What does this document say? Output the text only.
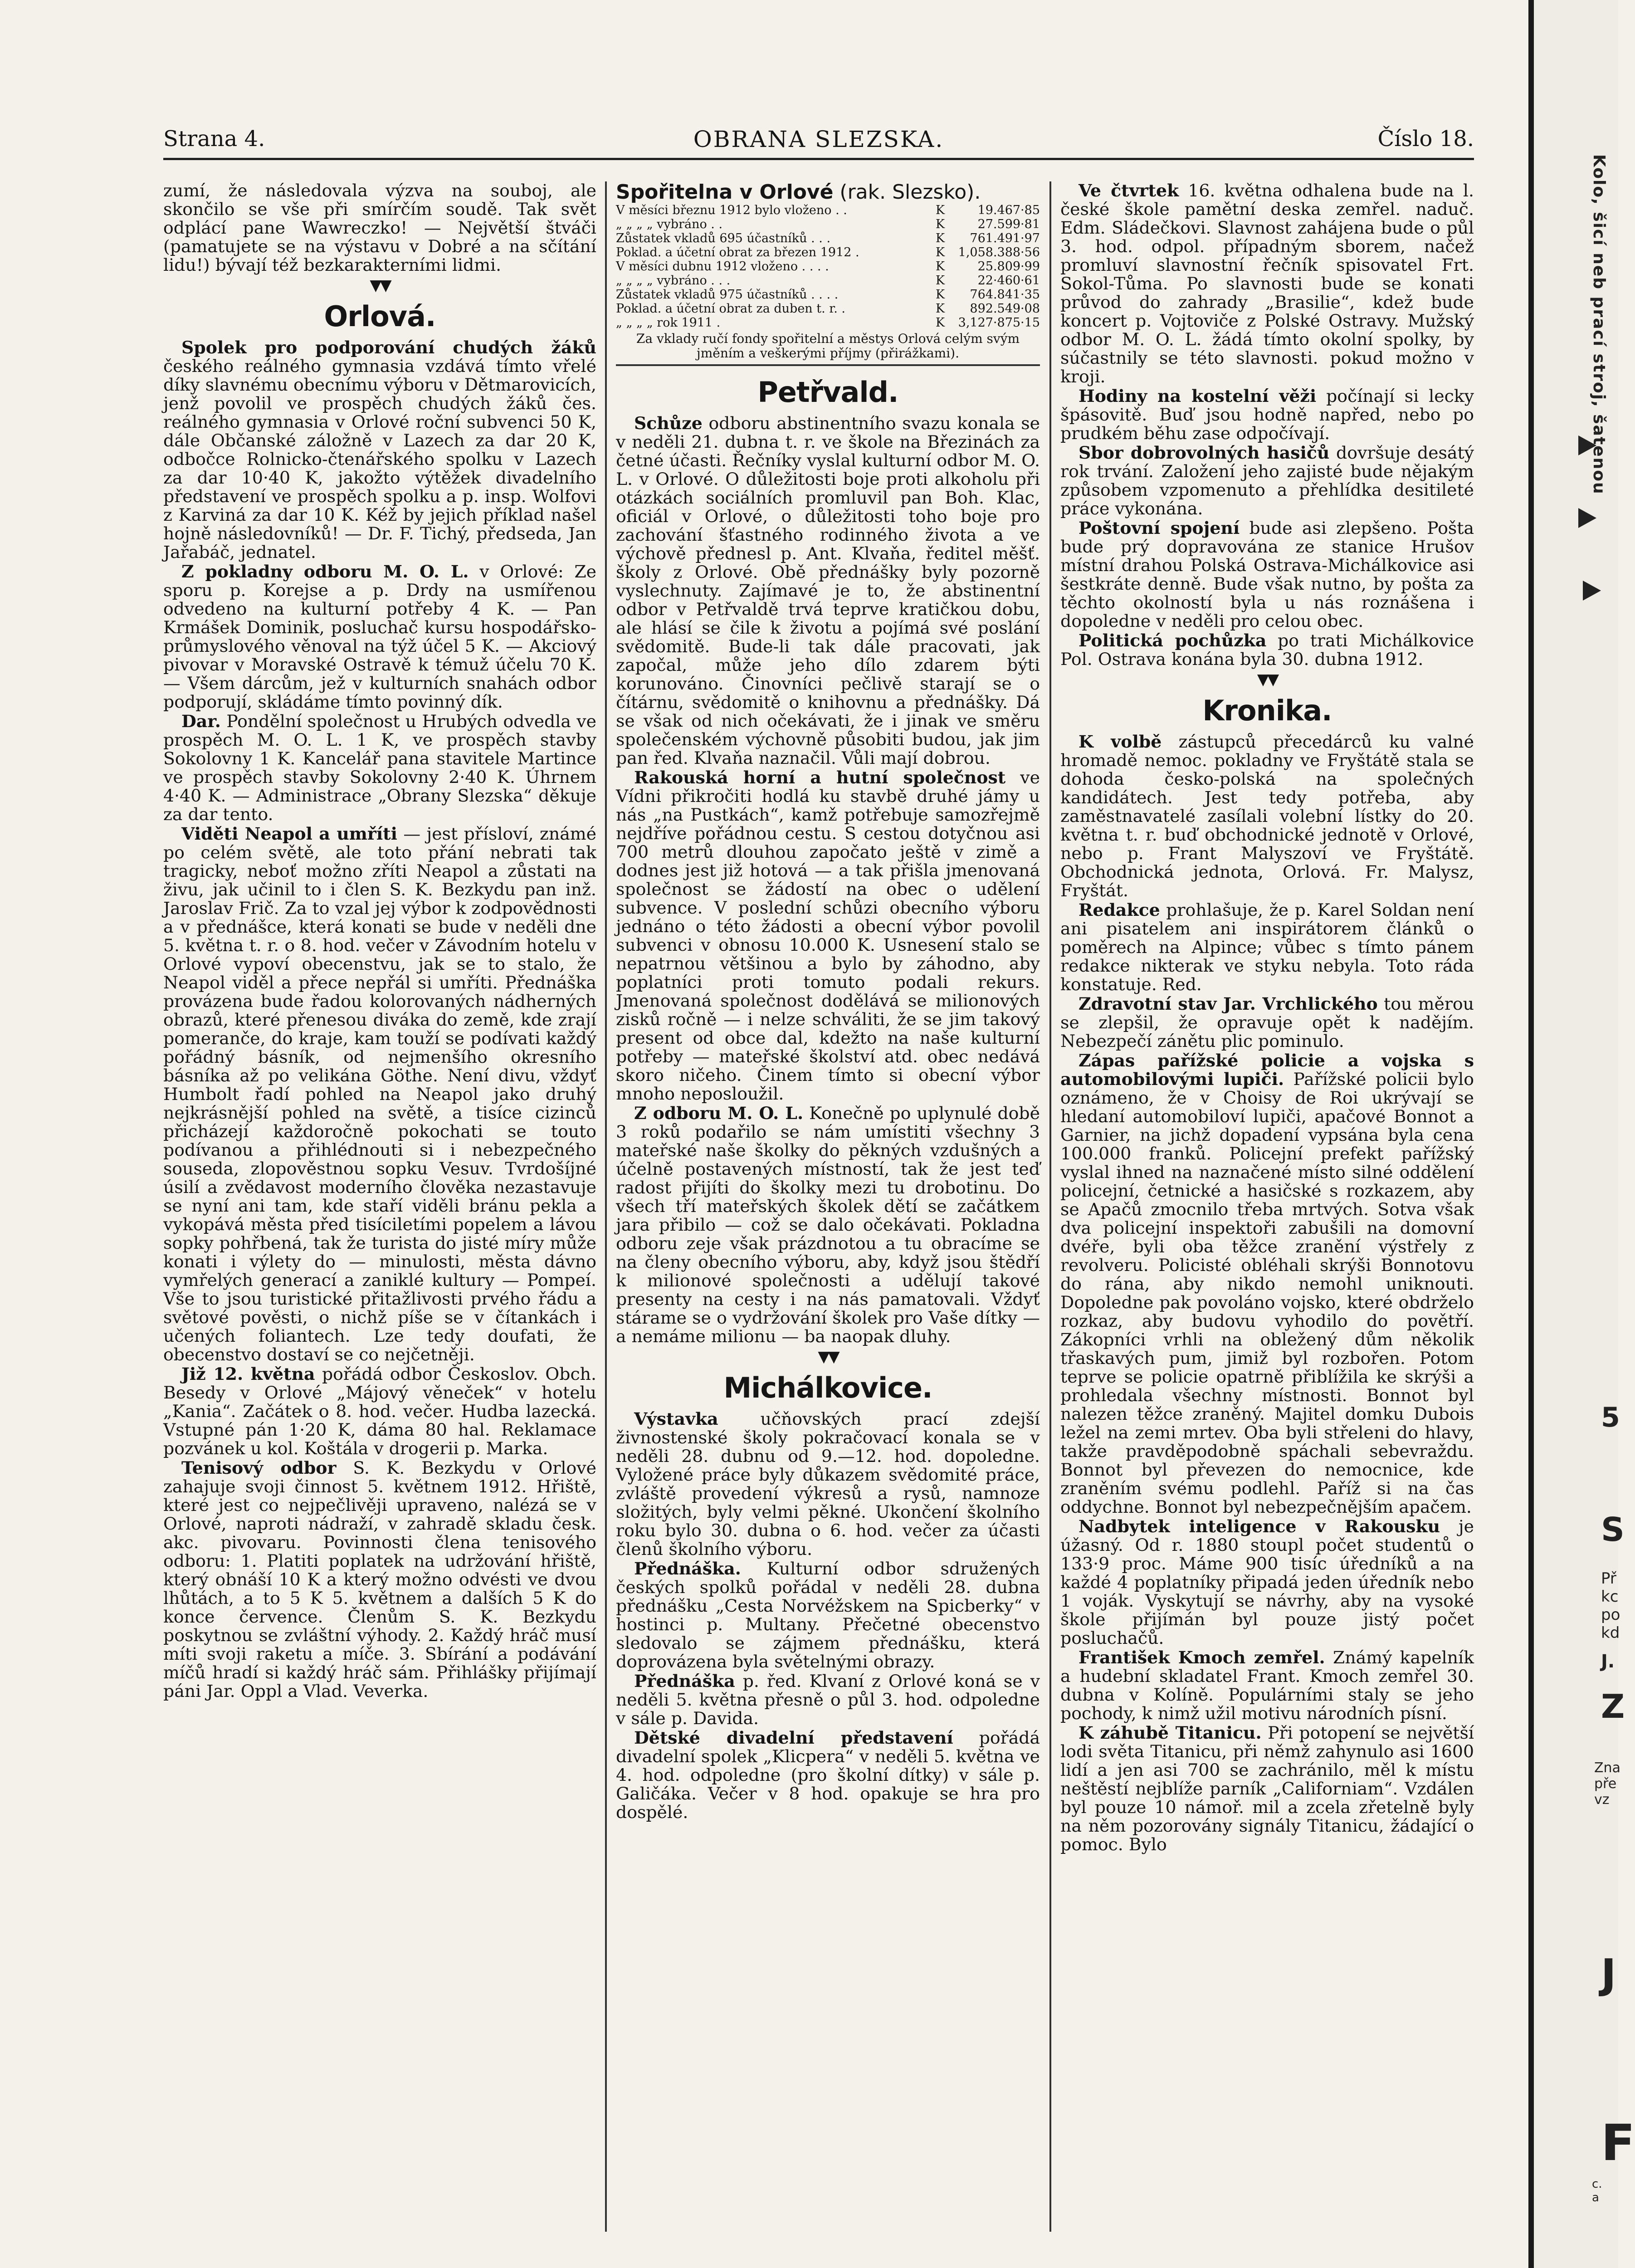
Kolo, šicí neb prací stroj, šatenou
5
S
Př
kc
po
kd
J.
Z
Zna
pře
vz
J
F
c. a
Strana 4.	OBRANA SLEZSKA.	Číslo 18.

zumí, že následovala výzva na souboj, ale skončilo se vše při smírčím soudě. Tak svět odplácí pane Wawreczko! — Největší štváči (pamatujete se na výstavu v Dobré a na sčítání lidu!) bývají též bezkarakterními lidmi.

▼▼
Orlová.

Spolek pro podporování chudých žáků českého reálného gymnasia vzdává tímto vřelé díky slavnému obecnímu výboru v Dětmarovicích, jenž povolil ve prospěch chudých žáků čes. reálného gymnasia v Orlové roční subvenci 50 K, dále Občanské záložně v Lazech za dar 20 K, odbočce Rolnicko-čtenářského spolku v Lazech za dar 10·40 K, jakožto výtěžek divadelního představení ve prospěch spolku a p. insp. Wolfovi z Karviná za dar 10 K. Kéž by jejich příklad našel hojně následovníků! — Dr. F. Tichý, předseda, Jan Jařabáč, jednatel.

Z pokladny odboru M. O. L. v Orlové: Ze sporu p. Korejse a p. Drdy na usmířenou odvedeno na kulturní potřeby 4 K. — Pan Krmášek Dominik, posluchač kursu hospodářsko-průmyslového věnoval na týž účel 5 K. — Akciový pivovar v Moravské Ostravě k témuž účelu 70 K. — Všem dárcům, jež v kulturních snahách odbor podporují, skládáme tímto povinný dík.

Dar. Pondělní společnost u Hrubých odvedla ve prospěch M. O. L. 1 K, ve prospěch stavby Sokolovny 1 K. Kancelář pana stavitele Martince ve prospěch stavby Sokolovny 2·40 K. Úhrnem 4·40 K. — Administrace „Obrany Slezska“ děkuje za dar tento.

Viděti Neapol a umříti — jest přísloví, známé po celém světě, ale toto přání nebrati tak tragicky, neboť možno zříti Neapol a zůstati na živu, jak učinil to i člen S. K. Bezkydu pan inž. Jaroslav Frič. Za to vzal jej výbor k zodpovědnosti a v přednášce, která konati se bude v neděli dne 5. května t. r. o 8. hod. večer v Závodním hotelu v Orlové vypoví obecenstvu, jak se to stalo, že Neapol viděl a přece nepřál si umříti. Přednáška provázena bude řadou kolorovaných nádherných obrazů, které přenesou diváka do země, kde zrají pomeranče, do kraje, kam touží se podívati každý pořádný básník, od nejmenšího okresního básníka až po velikána Göthe. Není divu, vždyť Humbolt řadí pohled na Neapol jako druhý nejkrásnější pohled na světě, a tisíce cizinců přicházejí každoročně pokochati se touto podívanou a přihlédnouti si i nebezpečného souseda, zlopověstnou sopku Vesuv. Tvrdošíjné úsilí a zvědavost moderního člověka nezastavuje se nyní ani tam, kde staří viděli bránu pekla a vykopává města před tisíciletími popelem a lávou sopky pohřbená, tak že turista do jisté míry může konati i výlety do — minulosti, města dávno vymřelých generací a zaniklé kultury — Pompeí. Vše to jsou turistické přitažlivosti prvého řádu a světové pověsti, o nichž píše se v čítankách i učených foliantech. Lze tedy doufati, že obecenstvo dostaví se co nejčetněji.

Již 12. května pořádá odbor Českoslov. Obch. Besedy v Orlové „Májový věneček“ v hotelu „Kania“. Začátek o 8. hod. večer. Hudba lazecká. Vstupné pán 1·20 K, dáma 80 hal. Reklamace pozvánek u kol. Koštála v drogerii p. Marka.

Tenisový odbor S. K. Bezkydu v Orlové zahajuje svoji činnost 5. květnem 1912. Hřiště, které jest co nejpečlivěji upraveno, nalézá se v Orlové, naproti nádraží, v zahradě skladu česk. akc. pivovaru. Povinnosti člena tenisového odboru: 1. Platiti poplatek na udržování hřiště, který obnáší 10 K a který možno odvésti ve dvou lhůtách, a to 5 K 5. květnem a dalších 5 K do konce července. Členům S. K. Bezkydu poskytnou se zvláštní výhody. 2. Každý hráč musí míti svoji raketu a míče. 3. Sbírání a podávání míčů hradí si každý hráč sám. Přihlášky přijímají páni Jar. Oppl a Vlad. Veverka.

Spořitelna v Orlové (rak. Slezsko).
V měsíci březnu 1912 bylo vloženo . .	K	19.467·85
„ „ „ „ vybráno . .	K	27.599·81
Zůstatek vkladů 695 účastníků . . .	K	761.491·97
Poklad. a účetní obrat za březen 1912 .	K	1,058.388·56
V měsíci dubnu 1912 vloženo . . . .	K	25.809·99
„ „ „ „ vybráno . . .	K	22·460·61
Zůstatek vkladů 975 účastníků . . . .	K	764.841·35
Poklad. a účetní obrat za duben t. r. .	K	892.549·08
„ „ „ „ rok 1911 .	K	3,127·875·15
Za vklady ručí fondy spořitelní a městys Orlová celým svým jměním a veškerými příjmy (přirážkami).
Petřvald.

Schůze odboru abstinentního svazu konala se v neděli 21. dubna t. r. ve škole na Březinách za četné účasti. Řečníky vyslal kulturní odbor M. O. L. v Orlové. O důležitosti boje proti alkoholu při otázkách sociálních promluvil pan Boh. Klac, oficiál v Orlové, o důležitosti toho boje pro zachování šťastného rodinného života a ve výchově přednesl p. Ant. Klvaňa, ředitel měšť. školy z Orlové. Obě přednášky byly pozorně vyslechnuty. Zajímavé je to, že abstinentní odbor v Petřvaldě trvá teprve kratičkou dobu, ale hlásí se čile k životu a pojímá své poslání svědomitě. Bude-li tak dále pracovati, jak započal, může jeho dílo zdarem býti korunováno. Činovníci pečlivě starají se o čítárnu, svědomitě o knihovnu a přednášky. Dá se však od nich očekávati, že i jinak ve směru společenském výchovně působiti budou, jak jim pan řed. Klvaňa naznačil. Vůli mají dobrou.

Rakouská horní a hutní společnost ve Vídni přikročiti hodlá ku stavbě druhé jámy u nás „na Pustkách“, kamž potřebuje samozřejmě nejdříve pořádnou cestu. S cestou dotyčnou asi 700 metrů dlouhou započato ještě v zimě a dodnes jest již hotová — a tak přišla jmenovaná společnost se žádostí na obec o udělení subvence. V poslední schůzi obecního výboru jednáno o této žádosti a obecní výbor povolil subvenci v obnosu 10.000 K. Usnesení stalo se nepatrnou většinou a bylo by záhodno, aby poplatníci proti tomuto podali rekurs. Jmenovaná společnost dodělává se milionových zisků ročně — i nelze schváliti, že se jim takový present od obce dal, kdežto na naše kulturní potřeby — mateřské školství atd. obec nedává skoro ničeho. Činem tímto si obecní výbor mnoho neposloužil.

Z odboru M. O. L. Konečně po uplynulé době 3 roků podařilo se nám umístiti všechny 3 mateřské naše školky do pěkných vzdušných a účelně postavených místností, tak že jest teď radost přijíti do školky mezi tu drobotinu. Do všech tří mateřských školek dětí se začátkem jara přibilo — což se dalo očekávati. Pokladna odboru zeje však prázdnotou a tu obracíme se na členy obecního výboru, aby, když jsou štědří k milionové společnosti a udělují takové presenty na cesty i na nás pamatovali. Vždyť stárame se o vydržování školek pro Vaše dítky — a nemáme milionu — ba naopak dluhy.

▼▼
Michálkovice.

Výstavka učňovských prací zdejší živnostenské školy pokračovací konala se v neděli 28. dubnu od 9.—12. hod. dopoledne. Vyložené práce byly důkazem svědomité práce, zvláště provedení výkresů a rysů, namnoze složitých, byly velmi pěkné. Ukončení školního roku bylo 30. dubna o 6. hod. večer za účasti členů školního výboru.

Přednáška. Kulturní odbor sdružených českých spolků pořádal v neděli 28. dubna přednášku „Cesta Norvéžskem na Spicberky“ v hostinci p. Multany. Přečetné obecenstvo sledovalo se zájmem přednášku, která doprovázena byla světelnými obrazy.

Přednáška p. řed. Klvaní z Orlové koná se v neděli 5. května přesně o půl 3. hod. odpoledne v sále p. Davida.

Dětské divadelní představení pořádá divadelní spolek „Klicpera“ v neděli 5. května ve 4. hod. odpoledne (pro školní dítky) v sále p. Galičáka. Večer v 8 hod. opakuje se hra pro dospělé.

Ve čtvrtek 16. května odhalena bude na l. české škole pamětní deska zemřel. naduč. Edm. Sládečkovi. Slavnost zahájena bude o půl 3. hod. odpol. případným sborem, načež promluví slavnostní řečník spisovatel Frt. Sokol-Tůma. Po slavnosti bude se konati průvod do zahrady „Brasilie“, kdež bude koncert p. Vojtoviče z Polské Ostravy. Mužský odbor M. O. L. žádá tímto okolní spolky, by súčastnily se této slavnosti. pokud možno v kroji.

Hodiny na kostelní věži počínají si lecky špásovitě. Buď jsou hodně napřed, nebo po prudkém běhu zase odpočívají.

Sbor dobrovolných hasičů dovršuje desátý rok trvání. Založení jeho zajisté bude nějakým způsobem vzpomenuto a přehlídka desitileté práce vykonána.

Poštovní spojení bude asi zlepšeno. Pošta bude prý dopravována ze stanice Hrušov místní drahou Polská Ostrava-Michálkovice asi šestkráte denně. Bude však nutno, by pošta za těchto okolností byla u nás roznášena i dopoledne v neděli pro celou obec.

Politická pochůzka po trati Michálkovice Pol. Ostrava konána byla 30. dubna 1912.

▼▼
Kronika.

K volbě zástupců přecedárců ku valné hromadě nemoc. pokladny ve Fryštátě stala se dohoda česko-polská na společných kandidátech. Jest tedy potřeba, aby zaměstnavatelé zasílali volební lístky do 20. května t. r. buď obchodnické jednotě v Orlové, nebo p. Frant Malyszoví ve Fryštátě. Obchodnická jednota, Orlová. Fr. Malysz, Fryštát.

Redakce prohlašuje, že p. Karel Soldan není ani pisatelem ani inspirátorem článků o poměrech na Alpince; vůbec s tímto pánem redakce nikterak ve styku nebyla. Toto ráda konstatuje. Red.

Zdravotní stav Jar. Vrchlického tou měrou se zlepšil, že opravuje opět k nadějím. Nebezpečí zánětu plic pominulo.

Zápas pařížské policie a vojska s automobilovými lupiči. Pařížské policii bylo oznámeno, že v Choisy de Roi ukrývají se hledaní automobiloví lupiči, apačové Bonnot a Garnier, na jichž dopadení vypsána byla cena 100.000 franků. Policejní prefekt pařížský vyslal ihned na naznačené místo silné oddělení policejní, četnické a hasičské s rozkazem, aby se Apačů zmocnilo třeba mrtvých. Sotva však dva policejní inspektoři zabušili na domovní dvéře, byli oba těžce zranění výstřely z revolveru. Policisté obléhali skrýši Bonnotovu do rána, aby nikdo nemohl uniknouti. Dopoledne pak povoláno vojsko, které obdrželo rozkaz, aby budovu vyhodilo do povětří. Zákopníci vrhli na obležený dům několik třaskavých pum, jimiž byl rozbořen. Potom teprve se policie opatrně přiblížila ke skrýši a prohledala všechny místnosti. Bonnot byl nalezen těžce zraněný. Majitel domku Dubois ležel na zemi mrtev. Oba byli střeleni do hlavy, takže pravděpodobně spáchali sebevraždu. Bonnot byl převezen do nemocnice, kde zraněním svému podlehl. Paříž si na čas oddychne. Bonnot byl nebezpečnějším apačem.

Nadbytek inteligence v Rakousku je úžasný. Od r. 1880 stoupl počet studentů o 133·9 proc. Máme 900 tisíc úředníků a na každé 4 poplatníky připadá jeden úředník nebo 1 voják. Vyskytují se návrhy, aby na vysoké škole přijímán byl pouze jistý počet posluchačů.

František Kmoch zemřel. Známý kapelník a hudební skladatel Frant. Kmoch zemřel 30. dubna v Kolíně. Populárními staly se jeho pochody, k nimž užil motivu národních písní.

K záhubě Titanicu. Při potopení se největší lodi světa Titanicu, při němž zahynulo asi 1600 lidí a jen asi 700 se zachránilo, měl k místu neštěstí nejblíže parník „Californiam“. Vzdálen byl pouze 10 námoř. mil a zcela zřetelně byly na něm pozorovány signály Titanicu, žádající o pomoc. Bylo
